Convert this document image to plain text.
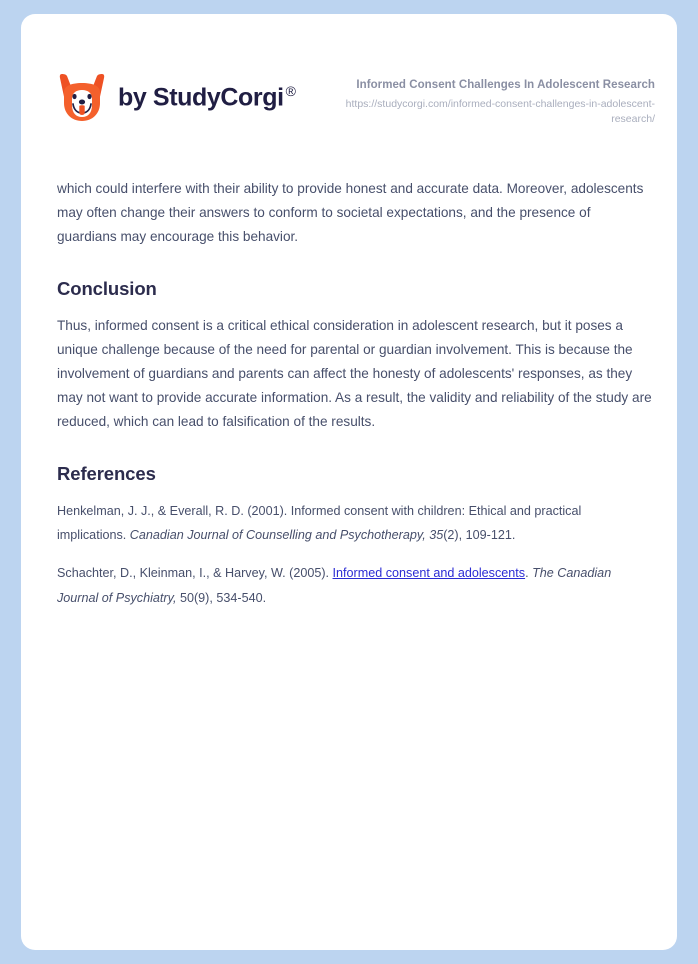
by StudyCorgi ®	Informed Consent Challenges In Adolescent Research
https://studycorgi.com/informed-consent-challenges-in-adolescent-research/

which could interfere with their ability to provide honest and accurate data. Moreover, adolescents may often change their answers to conform to societal expectations, and the presence of guardians may encourage this behavior.

Conclusion

Thus, informed consent is a critical ethical consideration in adolescent research, but it poses a unique challenge because of the need for parental or guardian involvement. This is because the involvement of guardians and parents can affect the honesty of adolescents' responses, as they may not want to provide accurate information. As a result, the validity and reliability of the study are reduced, which can lead to falsification of the results.

References

Henkelman, J. J., & Everall, R. D. (2001). Informed consent with children: Ethical and practical implications. Canadian Journal of Counselling and Psychotherapy, 35(2), 109-121.

Schachter, D., Kleinman, I., & Harvey, W. (2005). Informed consent and adolescents. The Canadian Journal of Psychiatry, 50(9), 534-540.
